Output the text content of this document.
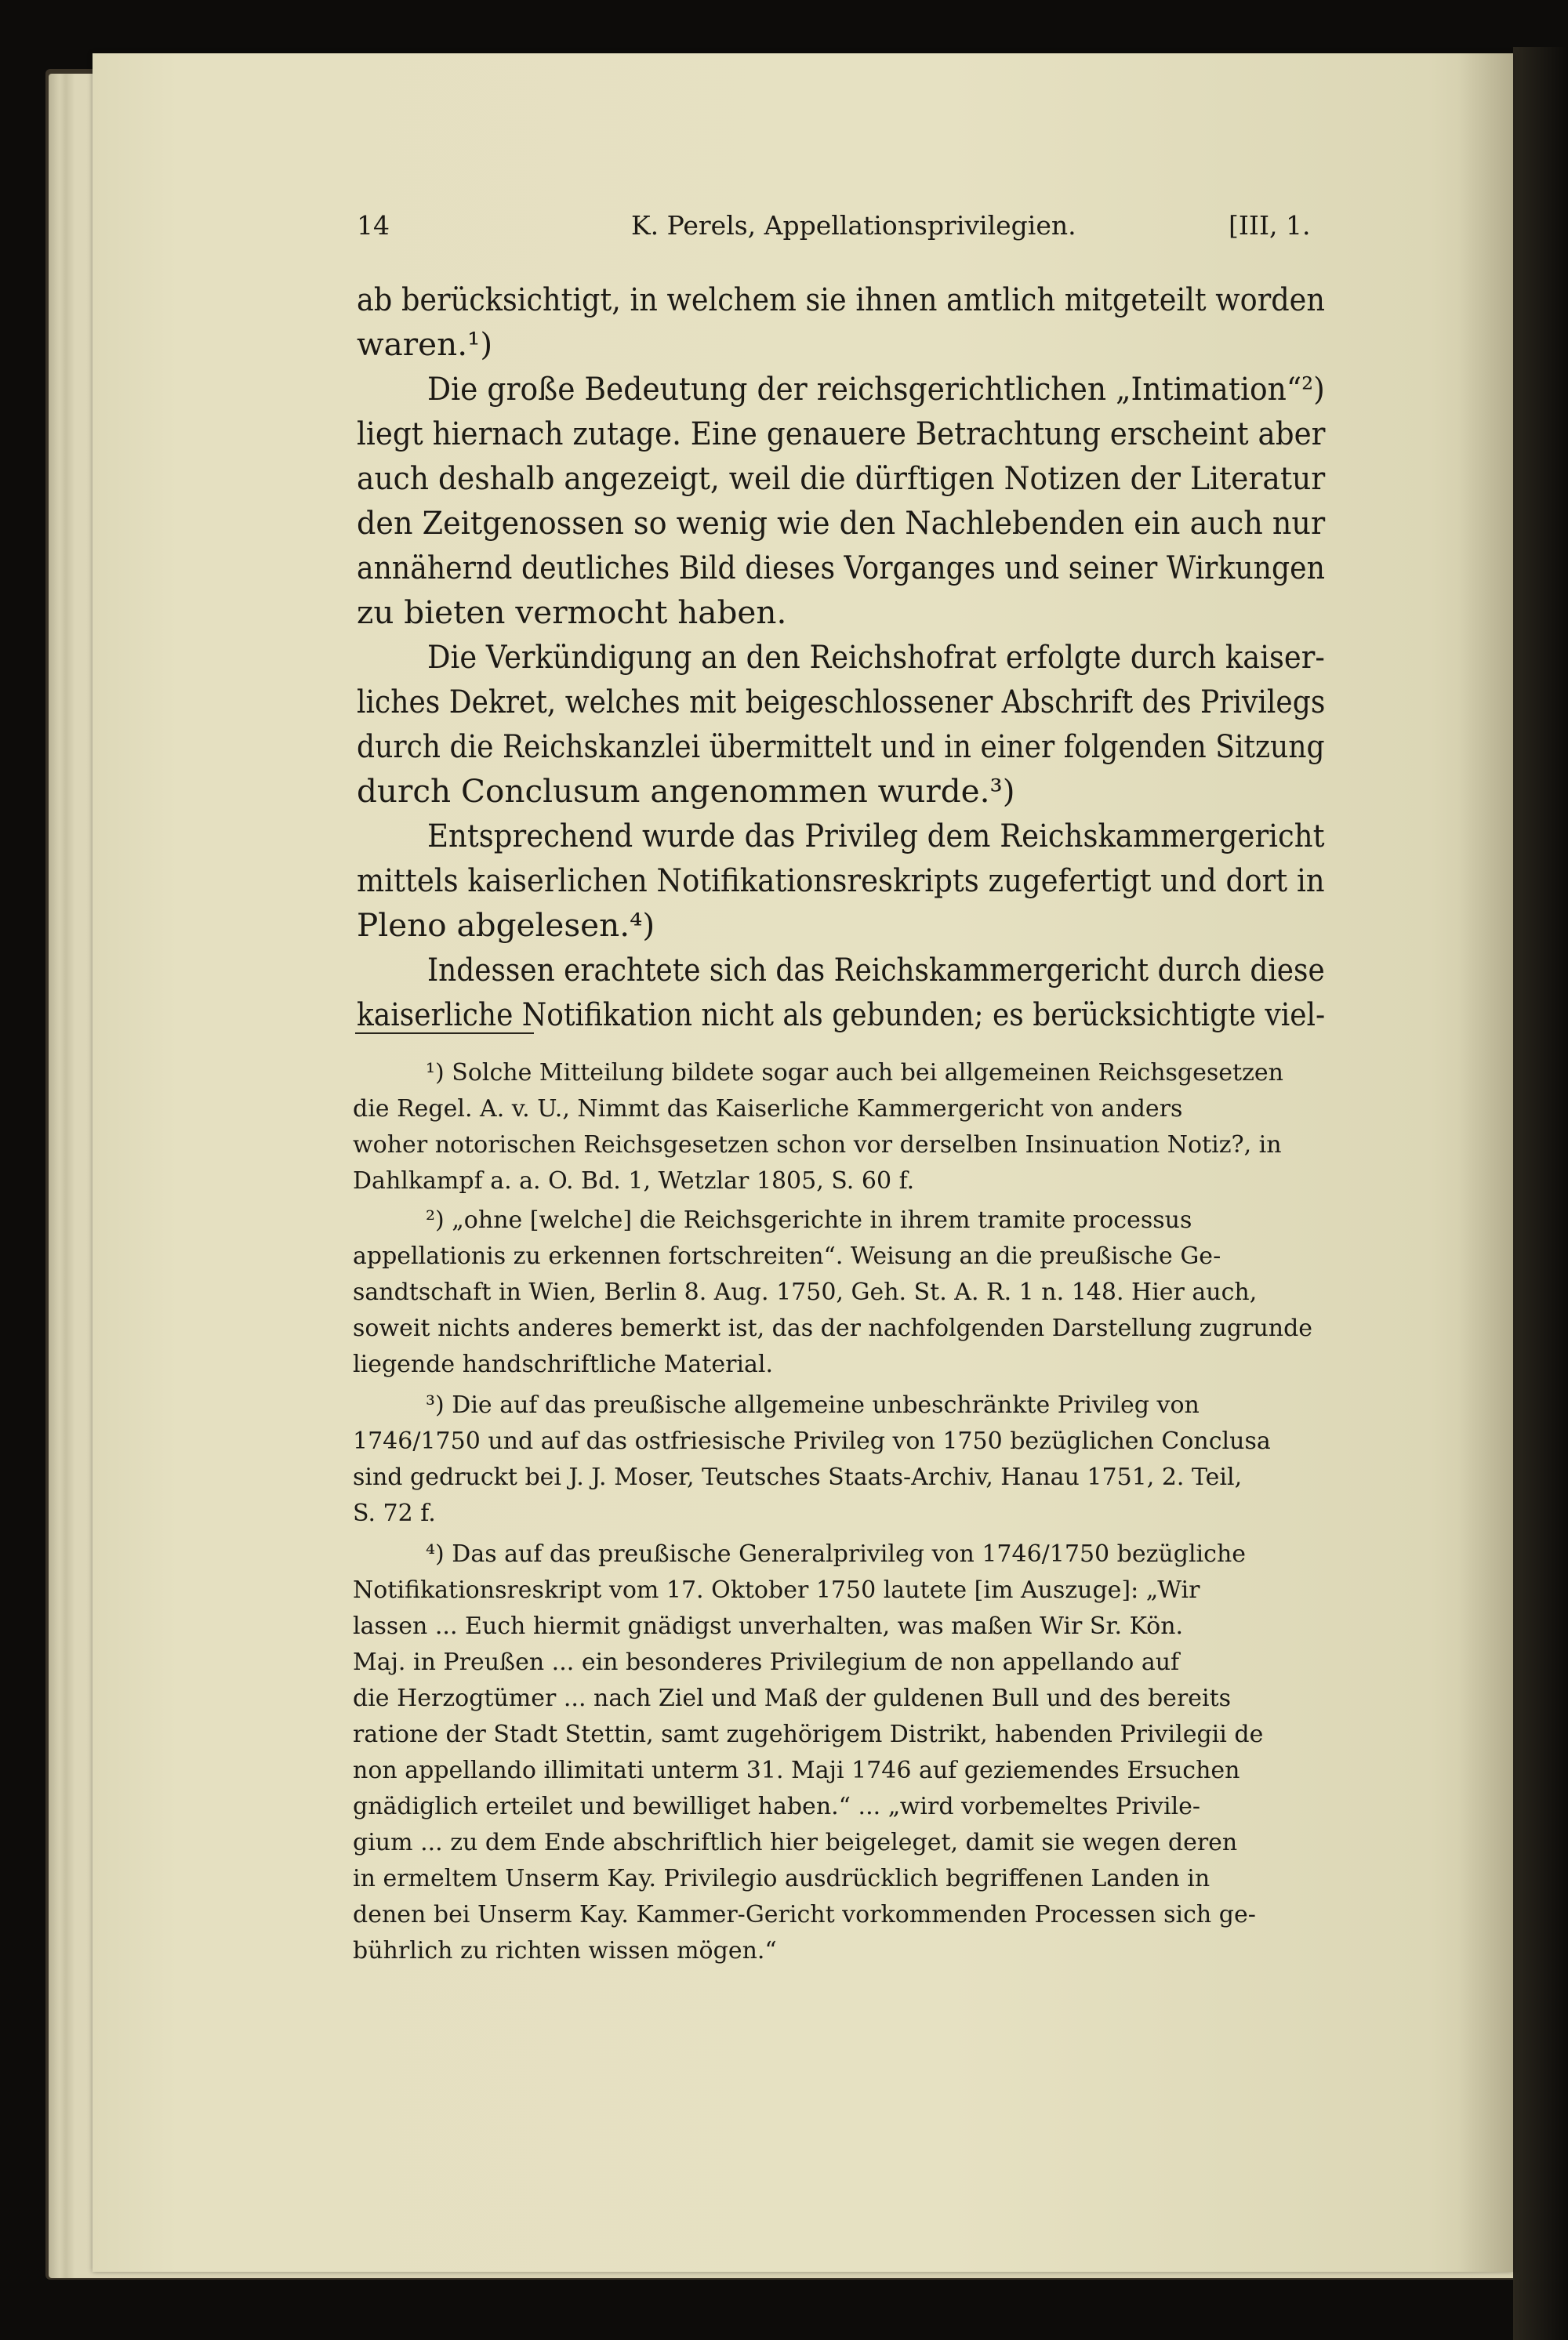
14	K. Perels, Appellationsprivilegien.	[III, 1.
ab berücksichtigt, in welchem sie ihnen amtlich mitgeteilt worden
waren.¹)
Die große Bedeutung der reichsgerichtlichen „Intimation“²)
liegt hiernach zutage. Eine genauere Betrachtung erscheint aber
auch deshalb angezeigt, weil die dürftigen Notizen der Literatur
den Zeitgenossen so wenig wie den Nachlebenden ein auch nur
annähernd deutliches Bild dieses Vorganges und seiner Wirkungen
zu bieten vermocht haben.
Die Verkündigung an den Reichshofrat erfolgte durch kaiser-
liches Dekret, welches mit beigeschlossener Abschrift des Privilegs
durch die Reichskanzlei übermittelt und in einer folgenden Sitzung
durch Conclusum angenommen wurde.³)
Entsprechend wurde das Privileg dem Reichskammergericht
mittels kaiserlichen Notifikationsreskripts zugefertigt und dort in
Pleno abgelesen.⁴)
Indessen erachtete sich das Reichskammergericht durch diese
kaiserliche Notifikation nicht als gebunden; es berücksichtigte viel-
¹) Solche Mitteilung bildete sogar auch bei allgemeinen Reichsgesetzen
die Regel. A. v. U., Nimmt das Kaiserliche Kammergericht von anders
woher notorischen Reichsgesetzen schon vor derselben Insinuation Notiz?, in
Dahlkampf a. a. O. Bd. 1, Wetzlar 1805, S. 60 f.
²) „ohne [welche] die Reichsgerichte in ihrem tramite processus
appellationis zu erkennen fortschreiten“. Weisung an die preußische Ge-
sandtschaft in Wien, Berlin 8. Aug. 1750, Geh. St. A. R. 1 n. 148. Hier auch,
soweit nichts anderes bemerkt ist, das der nachfolgenden Darstellung zugrunde
liegende handschriftliche Material.
³) Die auf das preußische allgemeine unbeschränkte Privileg von
1746/1750 und auf das ostfriesische Privileg von 1750 bezüglichen Conclusa
sind gedruckt bei J. J. Moser, Teutsches Staats-Archiv, Hanau 1751, 2. Teil,
S. 72 f.
⁴) Das auf das preußische Generalprivileg von 1746/1750 bezügliche
Notifikationsreskript vom 17. Oktober 1750 lautete [im Auszuge]: „Wir
lassen ... Euch hiermit gnädigst unverhalten, was maßen Wir Sr. Kön.
Maj. in Preußen ... ein besonderes Privilegium de non appellando auf
die Herzogtümer ... nach Ziel und Maß der guldenen Bull und des bereits
ratione der Stadt Stettin, samt zugehörigem Distrikt, habenden Privilegii de
non appellando illimitati unterm 31. Maji 1746 auf geziemendes Ersuchen
gnädiglich erteilet und bewilliget haben.“ ... „wird vorbemeltes Privile-
gium ... zu dem Ende abschriftlich hier beigeleget, damit sie wegen deren
in ermeltem Unserm Kay. Privilegio ausdrücklich begriffenen Landen in
denen bei Unserm Kay. Kammer-Gericht vorkommenden Processen sich ge-
bührlich zu richten wissen mögen.“
